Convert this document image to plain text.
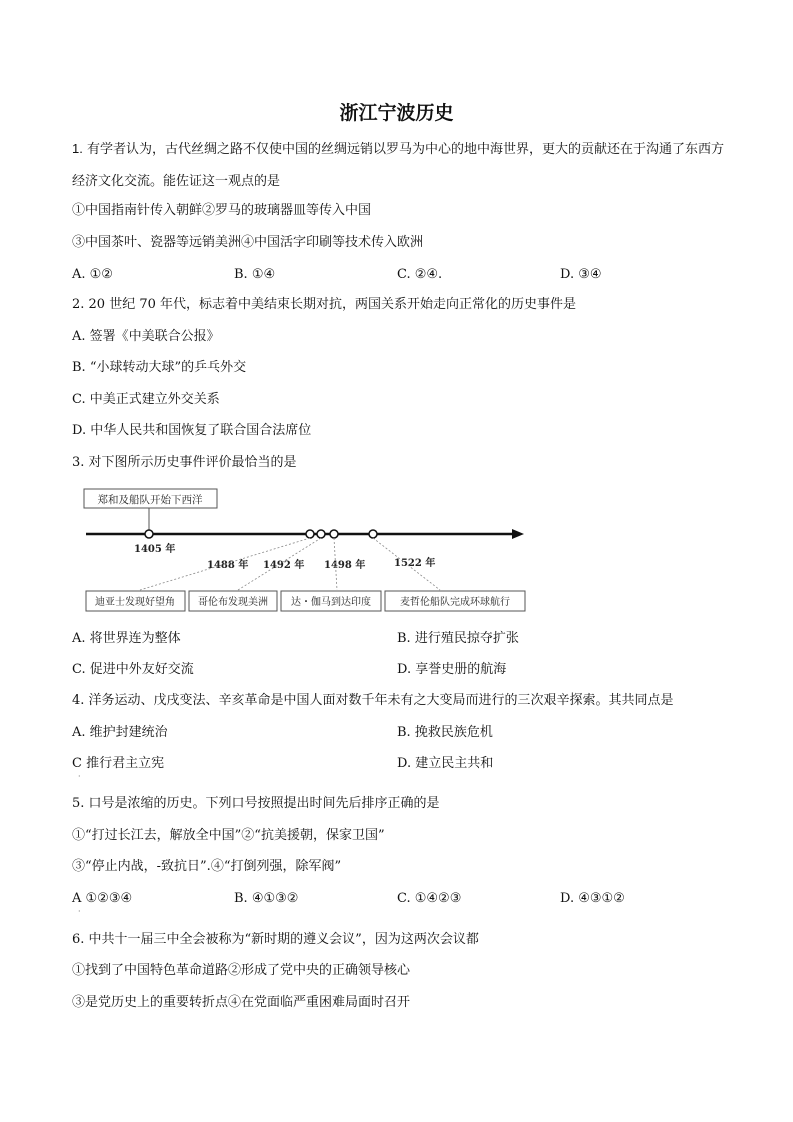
浙江宁波历史
1. 有学者认为，古代丝绸之路不仅使中国的丝绸远销以罗马为中心的地中海世界，更大的贡献还在于沟通了东西方经济文化交流。能佐证这一观点的是
①中国指南针传入朝鲜②罗马的玻璃器皿等传入中国
③中国茶叶、瓷器等远销美洲④中国活字印刷等技术传入欧洲
A. ①②	B. ①④	C. ②④.	D. ③④
2. 20 世纪 70 年代，标志着中美结束长期对抗，两国关系开始走向正常化的历史事件是
A. 签署《中美联合公报》
B. “小球转动大球”的乒乓外交
C. 中美正式建立外交关系
D. 中华人民共和国恢复了联合国合法席位
3. 对下图所示历史事件评价最恰当的是
郑和及船队开始下西洋
1405 年
1488 年 1492 年 1498 年	1522 年
迪亚士发现好望角 哥伦布发现美洲 达・伽马到达印度	麦哲伦船队完成环球航行
A. 将世界连为整体	B. 进行殖民掠夺扩张
C. 促进中外友好交流	D. 享誉史册的航海
4. 洋务运动、戊戌变法、辛亥革命是中国人面对数千年未有之大变局而进行的三次艰辛探索。其共同点是
A. 维护封建统治	B. 挽救民族危机
C 推行君主立宪	D. 建立民主共和
·
5. 口号是浓缩的历史。下列口号按照提出时间先后排序正确的是
①“打过长江去，解放全中国”②“抗美援朝，保家卫国”
③“停止内战，-致抗日”.④“打倒列强，除军阀”
A ①②③④	B. ④①③②	C. ①④②③	D. ④③①②
·
6. 中共十一届三中全会被称为“新时期的遵义会议”，因为这两次会议都
①找到了中国特色革命道路②形成了党中央的正确领导核心
③是党历史上的重要转折点④在党面临严重困难局面时召开
